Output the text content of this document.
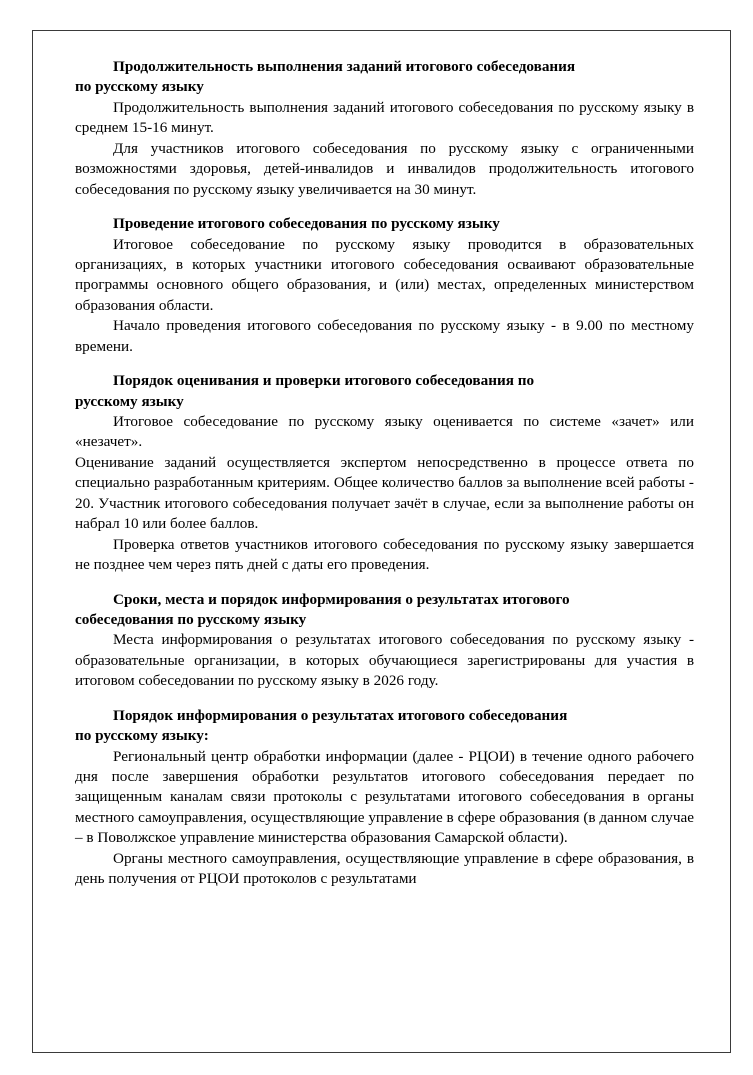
Продолжительность выполнения заданий итогового собеседования

по русскому языку

Продолжительность выполнения заданий итогового собеседования по русскому языку в среднем 15-16 минут.

Для участников итогового собеседования по русскому языку с ограниченными возможностями здоровья, детей-инвалидов и инвалидов продолжительность итогового собеседования по русскому языку увеличивается на 30 минут.

Проведение итогового собеседования по русскому языку

Итоговое собеседование по русскому языку проводится в образовательных организациях, в которых участники итогового собеседования осваивают образовательные программы основного общего образования, и (или) местах, определенных министерством образования области.

Начало проведения итогового собеседования по русскому языку - в 9.00 по местному времени.

Порядок оценивания и проверки итогового собеседования по

русскому языку

Итоговое собеседование по русскому языку оценивается по системе «зачет» или «незачет».

Оценивание заданий осуществляется экспертом непосредственно в процессе ответа по специально разработанным критериям. Общее количество баллов за выполнение всей работы - 20. Участник итогового собеседования получает зачёт в случае, если за выполнение работы он набрал 10 или более баллов.

Проверка ответов участников итогового собеседования по русскому языку завершается не позднее чем через пять дней с даты его проведения.

Сроки, места и порядок информирования о результатах итогового

собеседования по русскому языку

Места информирования о результатах итогового собеседования по русскому языку - образовательные организации, в которых обучающиеся зарегистрированы для участия в итоговом собеседовании по русскому языку в 2026 году.

Порядок информирования о результатах итогового собеседования

по русскому языку:

Региональный центр обработки информации (далее - РЦОИ) в течение одного рабочего дня после завершения обработки результатов итогового собеседования передает по защищенным каналам связи протоколы с результатами итогового собеседования в органы местного самоуправления, осуществляющие управление в сфере образования (в данном случае – в Поволжское управление министерства образования Самарской области).

Органы местного самоуправления, осуществляющие управление в сфере образования, в день получения от РЦОИ протоколов с результатами
